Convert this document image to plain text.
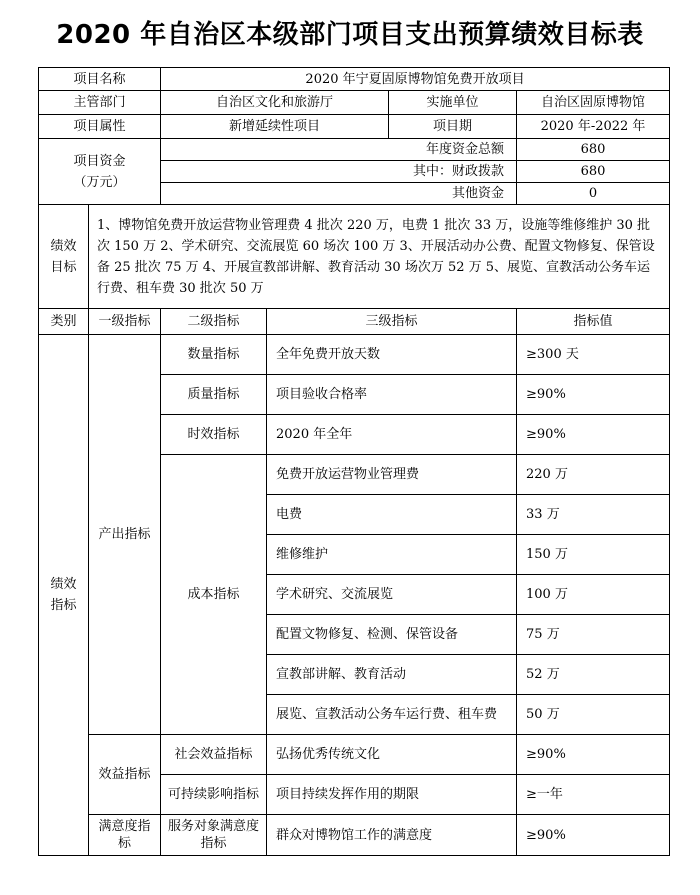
2020 年自治区本级部门项目支出预算绩效目标表
项目名称		2020 年宁夏固原博物馆免费开放项目			
主管部门		自治区文化和旅游厅		实施单位	自治区固原博物馆
项目属性		新增延续性项目		项目期	2020 年-2022 年

项目资金
（万元）		年度资金总额			680
		其中：财政拨款			680
		其他资金			0

绩效
目标	1、博物馆免费开放运营物业管理费 4 批次 220 万，电费 1 批次 33 万，设施等维修维护 30 批次 150 万 2、学术研究、交流展览 60 场次 100 万 3、开展活动办公费、配置文物修复、保管设备 25 批次 75 万 4、开展宣教部讲解、教育活动 30 场次万 52 万 5、展览、宣教活动公务车运行费、租车费 30 批次 50 万				
类别	一级指标	二级指标	三级指标		指标值

绩效
指标	产出指标	数量指标	全年免费开放天数		≥300 天
		质量指标	项目验收合格率		≥90%
		时效指标	2020 年全年		≥90%
		成本指标	免费开放运营物业管理费		220 万
			电费		33 万
			维修维护		150 万
			学术研究、交流展览		100 万
			配置文物修复、检测、保管设备		75 万
			宣教部讲解、教育活动		52 万
			展览、宣教活动公务车运行费、租车费		50 万
	效益指标	社会效益指标	弘扬优秀传统文化		≥90%
		可持续影响指标	项目持续发挥作用的期限		≥一年
	满意度指标	服务对象满意度指标	群众对博物馆工作的满意度		≥90%
